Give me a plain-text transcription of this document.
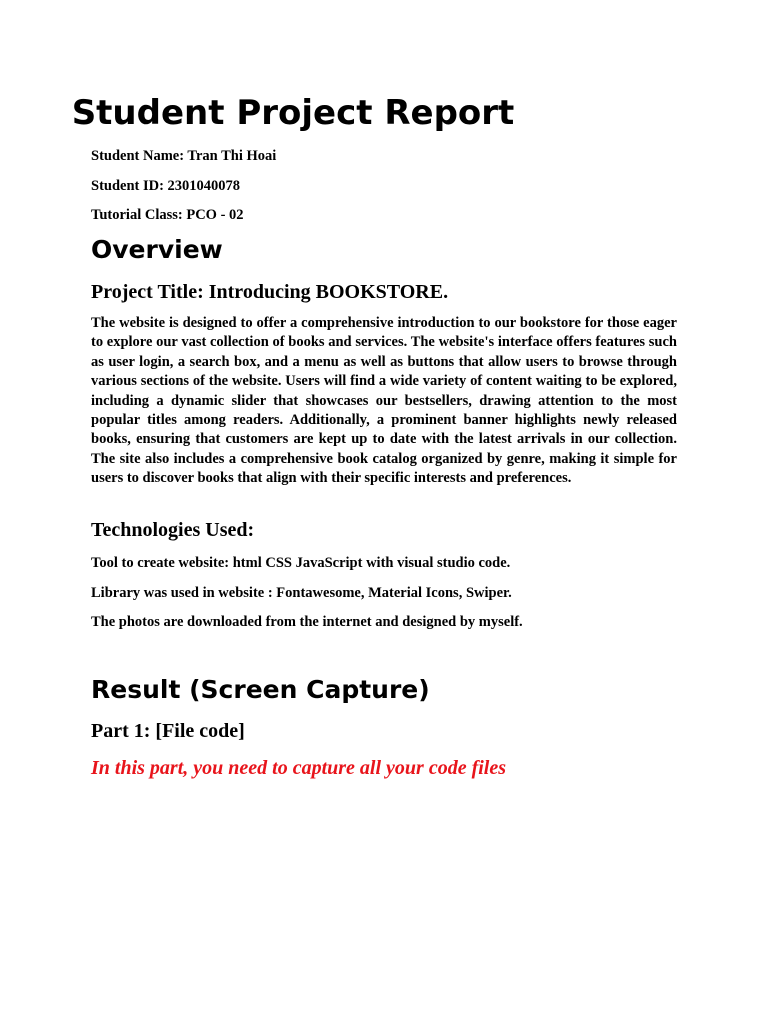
Student Project Report

Student Name: Tran Thi Hoai

Student ID: 2301040078

Tutorial Class: PCO - 02

Overview
Project Title: Introducing BOOKSTORE.

The website is designed to offer a comprehensive introduction to our bookstore for those eager to explore our vast collection of books and services. The website's interface offers features such as user login, a search box, and a menu as well as buttons that allow users to browse through various sections of the website. Users will find a wide variety of content waiting to be explored, including a dynamic slider that showcases our bestsellers, drawing attention to the most popular titles among readers. Additionally, a prominent banner highlights newly released books, ensuring that customers are kept up to date with the latest arrivals in our collection. The site also includes a comprehensive book catalog organized by genre, making it simple for users to discover books that align with their specific interests and preferences.

Technologies Used:

Tool to create website: html CSS JavaScript with visual studio code.

Library was used in website : Fontawesome, Material Icons, Swiper.

The photos are downloaded from the internet and designed by myself.

Result (Screen Capture)
Part 1: [File code]

In this part, you need to capture all your code files
